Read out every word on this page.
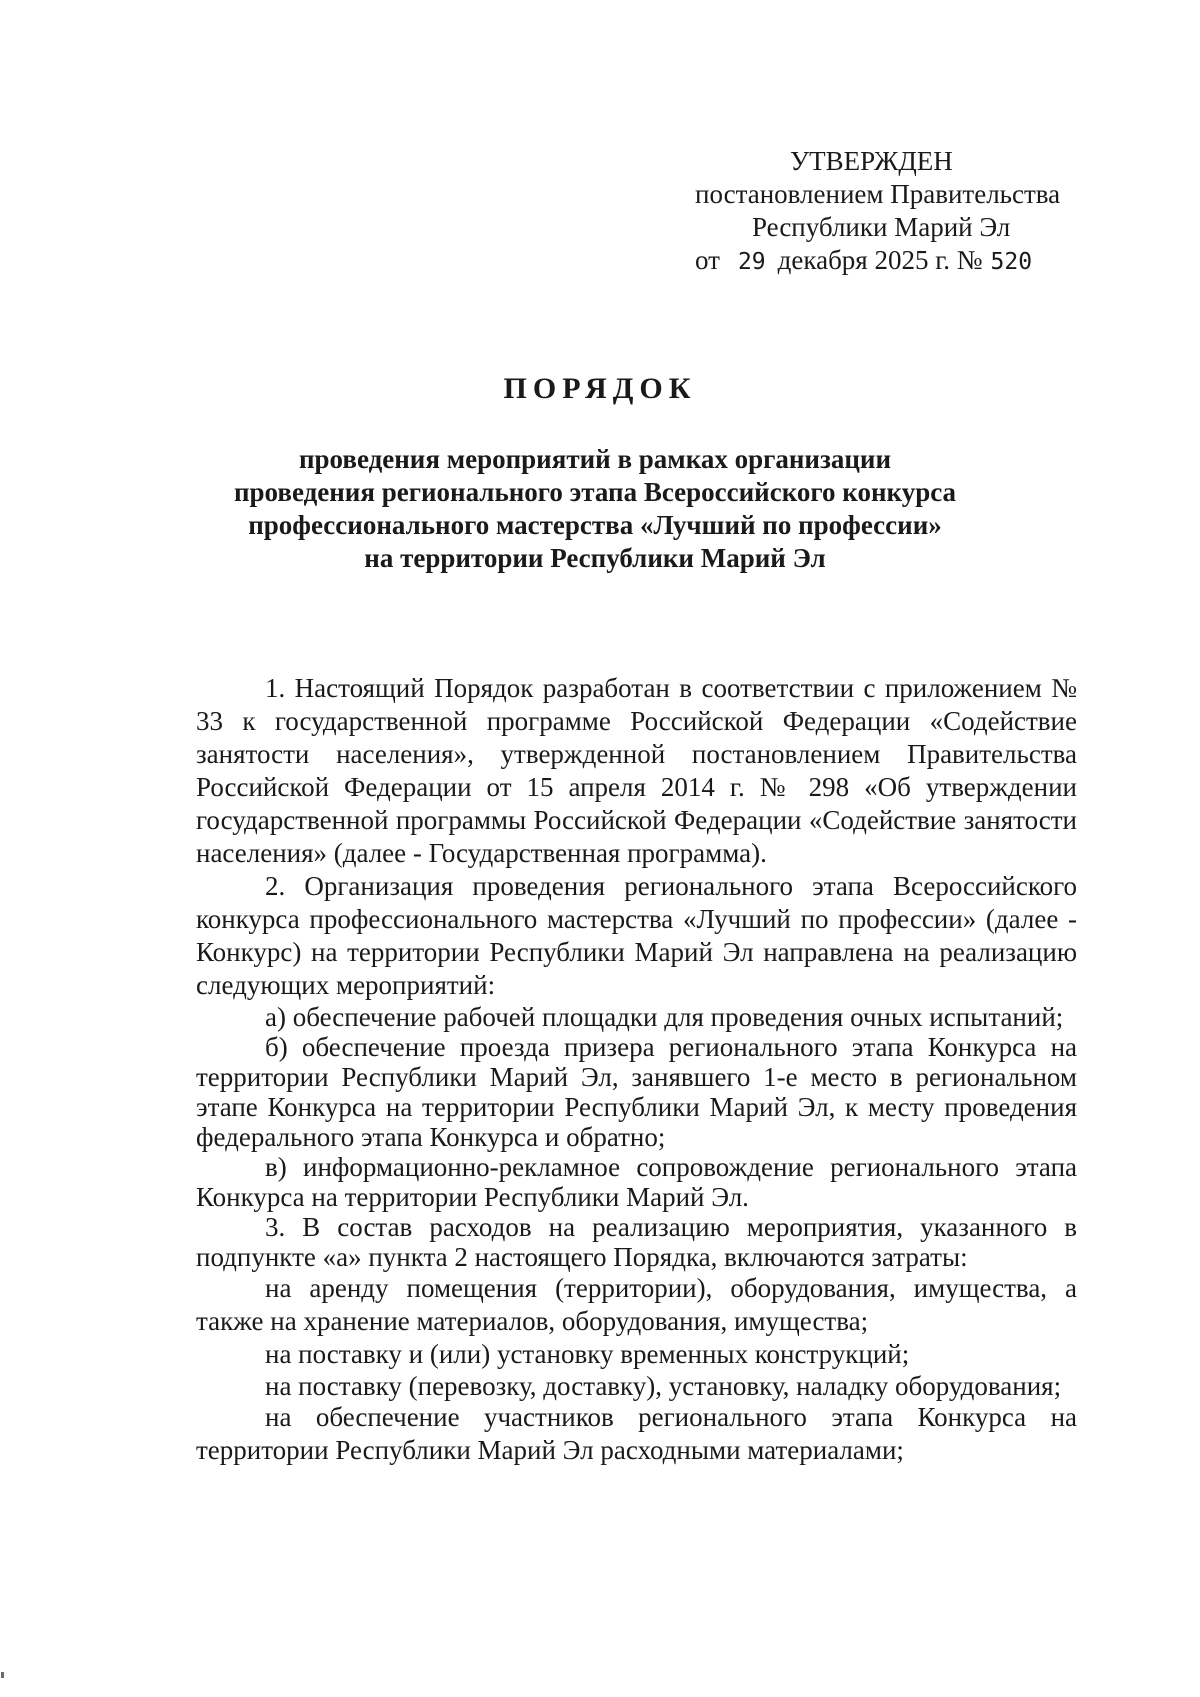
УТВЕРЖДЕН
постановлением Правительства
Республики Марий Эл
от 29 декабря 2025 г. № 520
ПОРЯДОК
проведения мероприятий в рамках организации
проведения регионального этапа Всероссийского конкурса
профессионального мастерства «Лучший по профессии»
на территории Республики Марий Эл

1. Настоящий Порядок разработан в соответствии с приложением № 33 к государственной программе Российской Федерации «Содействие занятости населения», утвержденной постановлением Правительства Российской Федерации от 15 апреля 2014 г. № 298 «Об утверждении государственной программы Российской Федерации «Содействие занятости населения» (далее - Государственная программа).

2. Организация проведения регионального этапа Всероссийского конкурса профессионального мастерства «Лучший по профессии» (далее - Конкурс) на территории Республики Марий Эл направлена на реализацию следующих мероприятий:

а) обеспечение рабочей площадки для проведения очных испытаний;

б) обеспечение проезда призера регионального этапа Конкурса на территории Республики Марий Эл, занявшего 1-е место в региональном этапе Конкурса на территории Республики Марий Эл, к месту проведения федерального этапа Конкурса и обратно;

в) информационно-рекламное сопровождение регионального этапа Конкурса на территории Республики Марий Эл.

3. В состав расходов на реализацию мероприятия, указанного в подпункте «а» пункта 2 настоящего Порядка, включаются затраты:

на аренду помещения (территории), оборудования, имущества, а также на хранение материалов, оборудования, имущества;

на поставку и (или) установку временных конструкций;

на поставку (перевозку, доставку), установку, наладку оборудования;

на обеспечение участников регионального этапа Конкурса на территории Республики Марий Эл расходными материалами;
